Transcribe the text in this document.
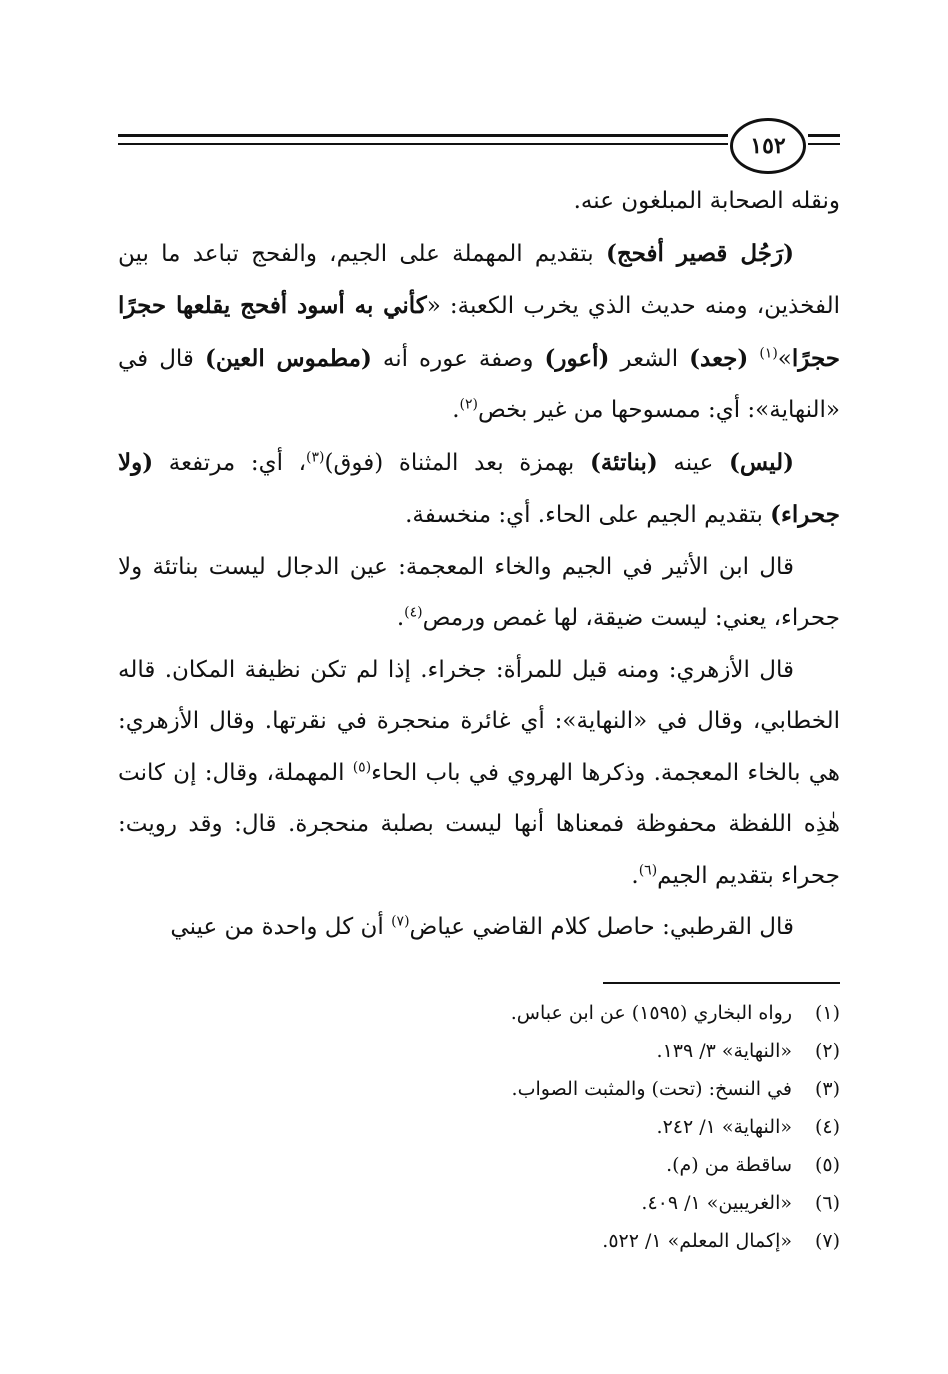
١٥٢

ونقله الصحابة المبلغون عنه.

(رَجُل قصير أفحج) بتقديم المهملة على الجيم، والفحج تباعد ما بين الفخذين، ومنه حديث الذي يخرب الكعبة: «كأني به أسود أفحج يقلعها حجرًا حجرًا»$^{(١)}$ (جعد) الشعر (أعور) وصفة عوره أنه (مطموس العين) قال في «النهاية»: أي: ممسوحها من غير بخص$^{(٢)}$.

(ليس) عينه (بناتئة) بهمزة بعد المثناة (فوق)$^{(٣)}$، أي: مرتفعة (ولا جحراء) بتقديم الجيم على الحاء. أي: منخسفة.

قال ابن الأثير في الجيم والخاء المعجمة: عين الدجال ليست بناتئة ولا جحراء، يعني: ليست ضيقة، لها غمص ورمص$^{(٤)}$.

قال الأزهري: ومنه قيل للمرأة: جخراء. إذا لم تكن نظيفة المكان. قاله الخطابي، وقال في «النهاية»: أي غائرة منحجرة في نقرتها. وقال الأزهري: هي بالخاء المعجمة. وذكرها الهروي في باب الحاء$^{(٥)}$ المهملة، وقال: إن كانت هٰذِه اللفظة محفوظة فمعناها أنها ليست بصلبة منحجرة. قال: وقد رويت: جحراء بتقديم الجيم$^{(٦)}$.

قال القرطبي: حاصل كلام القاضي عياض$^{(٧)}$ أن كل واحدة من عيني

(١)
رواه البخاري (١٥٩٥) عن ابن عباس.
(٢)
«النهاية» ٣/ ١٣٩.
(٣)
في النسخ: (تحت) والمثبت الصواب.
(٤)
«النهاية» ١/ ٢٤٢.
(٥)
ساقطة من (م).
(٦)
«الغريبين» ١/ ٤٠٩.
(٧)
«إكمال المعلم» ١/ ٥٢٢.
